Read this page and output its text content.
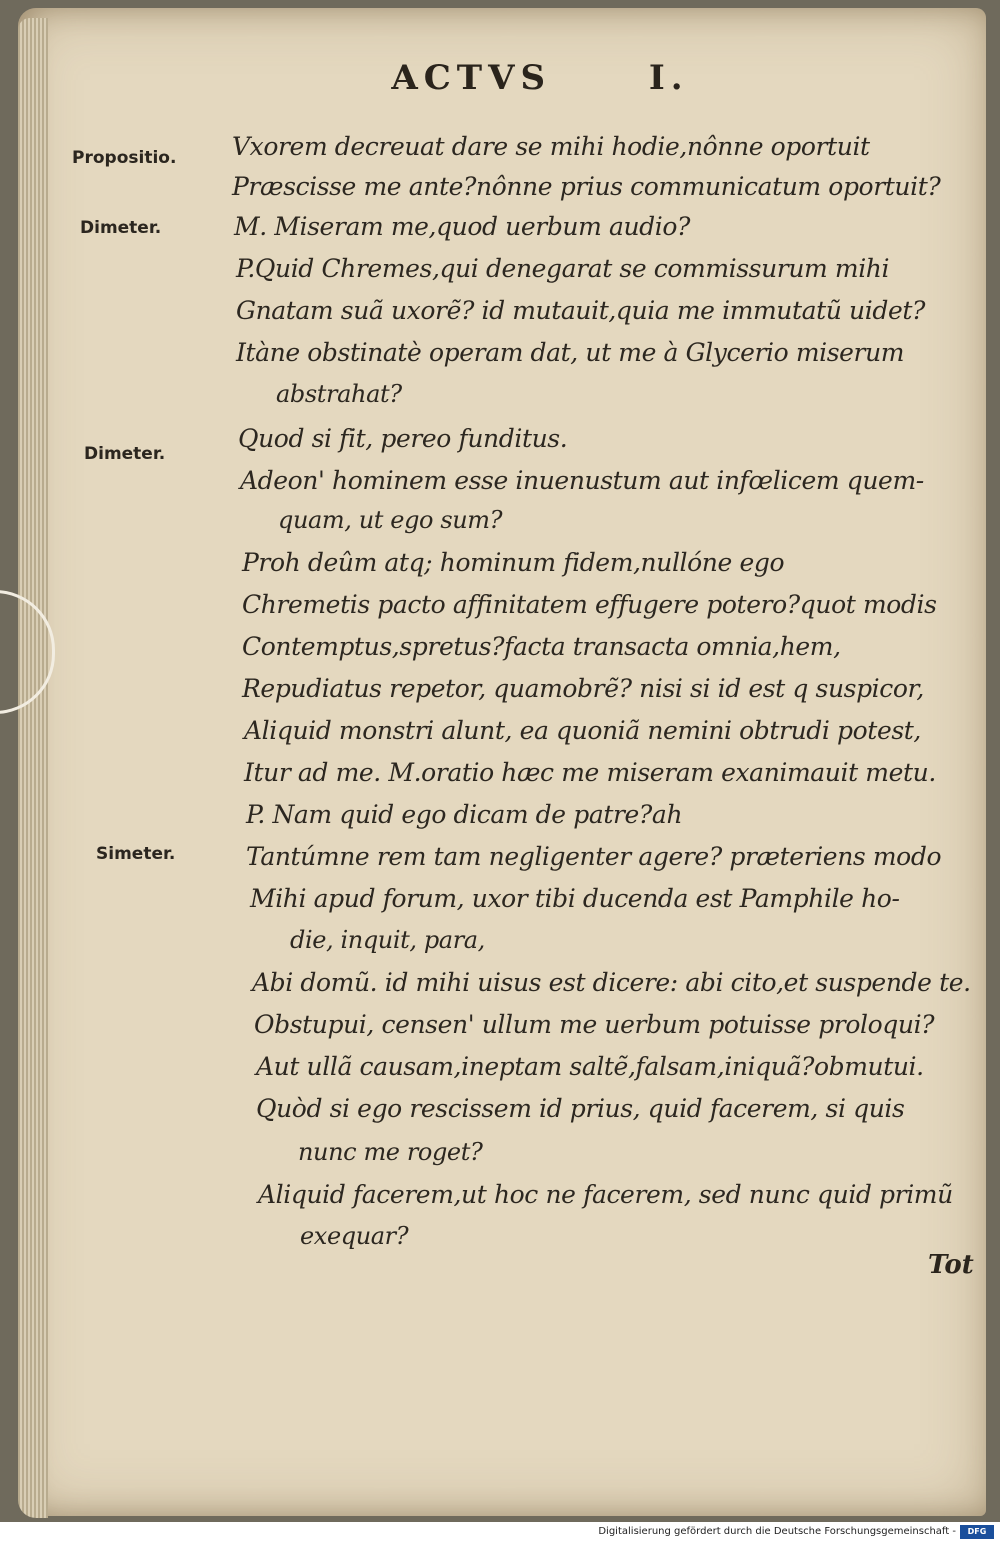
ACTVS	I.
Propositio.
Dimeter.
Dimeter.
Simeter.
Vxorem decreuat dare se mihi hodie,nônne oportuit
Præscisse me ante?nônne prius communicatum oportuit?
M. Miseram me,quod uerbum audio?
P.Quid Chremes,qui denegarat se commissurum mihi
Gnatam suã uxorẽ? id mutauit,quia me immutatũ uidet?
Itàne obstinatè operam dat, ut me à Glycerio miserum
abstrahat?
Quod si fit, pereo funditus.
Adeon' hominem esse inuenustum aut infœlicem quem-
quam, ut ego sum?
Proh deûm atq; hominum fidem,nullóne ego
Chremetis pacto affinitatem effugere potero?quot modis
Contemptus,spretus?facta transacta omnia,hem,
Repudiatus repetor, quamobrẽ? nisi si id est q suspicor,
Aliquid monstri alunt, ea quoniã nemini obtrudi potest,
Itur ad me. M.oratio hæc me miseram exanimauit metu.
P. Nam quid ego dicam de patre?ah
Tantúmne rem tam negligenter agere? præteriens modo
Mihi apud forum, uxor tibi ducenda est Pamphile ho-
die, inquit, para,
Abi domũ. id mihi uisus est dicere: abi cito,et suspende te.
Obstupui, censen' ullum me uerbum potuisse proloqui?
Aut ullã causam,ineptam saltẽ,falsam,iniquã?obmutui.
Quòd si ego rescissem id prius, quid facerem, si quis
nunc me roget?
Aliquid facerem,ut hoc ne facerem, sed nunc quid primũ
exequar?
Tot
Digitalisierung gefördert durch die Deutsche Forschungsgemeinschaft -	DFG
